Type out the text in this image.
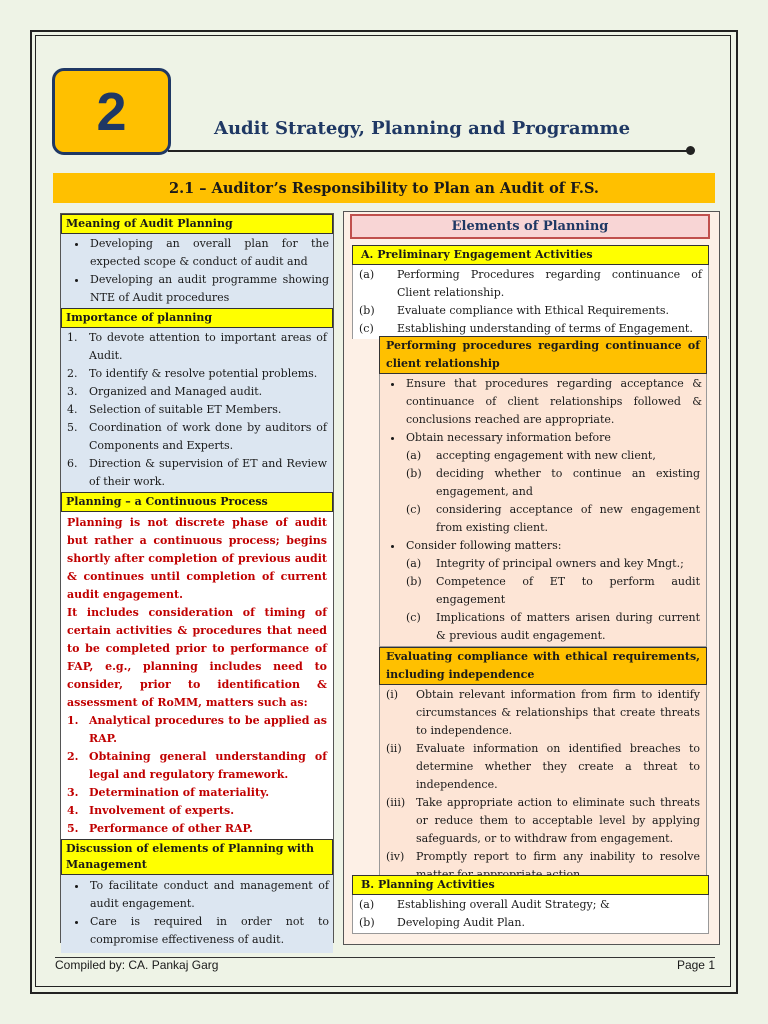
2	Audit Strategy, Planning and Programme
2.1 – Auditor’s Responsibility to Plan an Audit of F.S.
Meaning of Audit Planning
• Developing an overall plan for the expected scope & conduct of audit and
• Developing an audit programme showing NTE of Audit procedures
Importance of planning
1.	To devote attention to important areas of Audit.
2.	To identify & resolve potential problems.
3.	Organized and Managed audit.
4.	Selection of suitable ET Members.
5.	Coordination of work done by auditors of Components and Experts.
6.	Direction & supervision of ET and Review of their work.
Planning – a Continuous Process
Planning is not discrete phase of audit but rather a continuous process; begins shortly after completion of previous audit & continues until completion of current audit engagement.
It includes consideration of timing of certain activities & procedures that need to be completed prior to performance of FAP, e.g., planning includes need to consider, prior to identification & assessment of RoMM, matters such as:
1. Analytical procedures to be applied as RAP.
2. Obtaining general understanding of legal and regulatory framework.
3. Determination of materiality.
4. Involvement of experts.
5. Performance of other RAP.
Discussion of elements of Planning with Management
• To facilitate conduct and management of audit engagement.
• Care is required in order not to compromise effectiveness of audit.
Elements of Planning
A. Preliminary Engagement Activities
(a)	Performing Procedures regarding continuance of Client relationship.
(b)	Evaluate compliance with Ethical Requirements.
(c)	Establishing understanding of terms of Engagement.
Performing procedures regarding continuance of client relationship
• Ensure that procedures regarding acceptance & continuance of client relationships followed & conclusions reached are appropriate.
• Obtain necessary information before
(a)	accepting engagement with new client,
(b)	deciding whether to continue an existing engagement, and
(c)	considering acceptance of new engagement from existing client.
• Consider following matters:
(a)	Integrity of principal owners and key Mngt.;
(b)	Competence of ET to perform audit engagement
(c)	Implications of matters arisen during current & previous audit engagement.
Evaluating compliance with ethical requirements, including independence
(i)	Obtain relevant information from firm to identify circumstances & relationships that create threats to independence.
(ii)	Evaluate information on identified breaches to determine whether they create a threat to independence.
(iii) Take appropriate action to eliminate such threats or reduce them to acceptable level by applying safeguards, or to withdraw from engagement.
(iv)	Promptly report to firm any inability to resolve
B. Planning Activities
(a)	Establishing overall Audit Strategy; &
(b)	Developing Audit Plan.
Compiled by: CA. Pankaj Garg	Page 1
